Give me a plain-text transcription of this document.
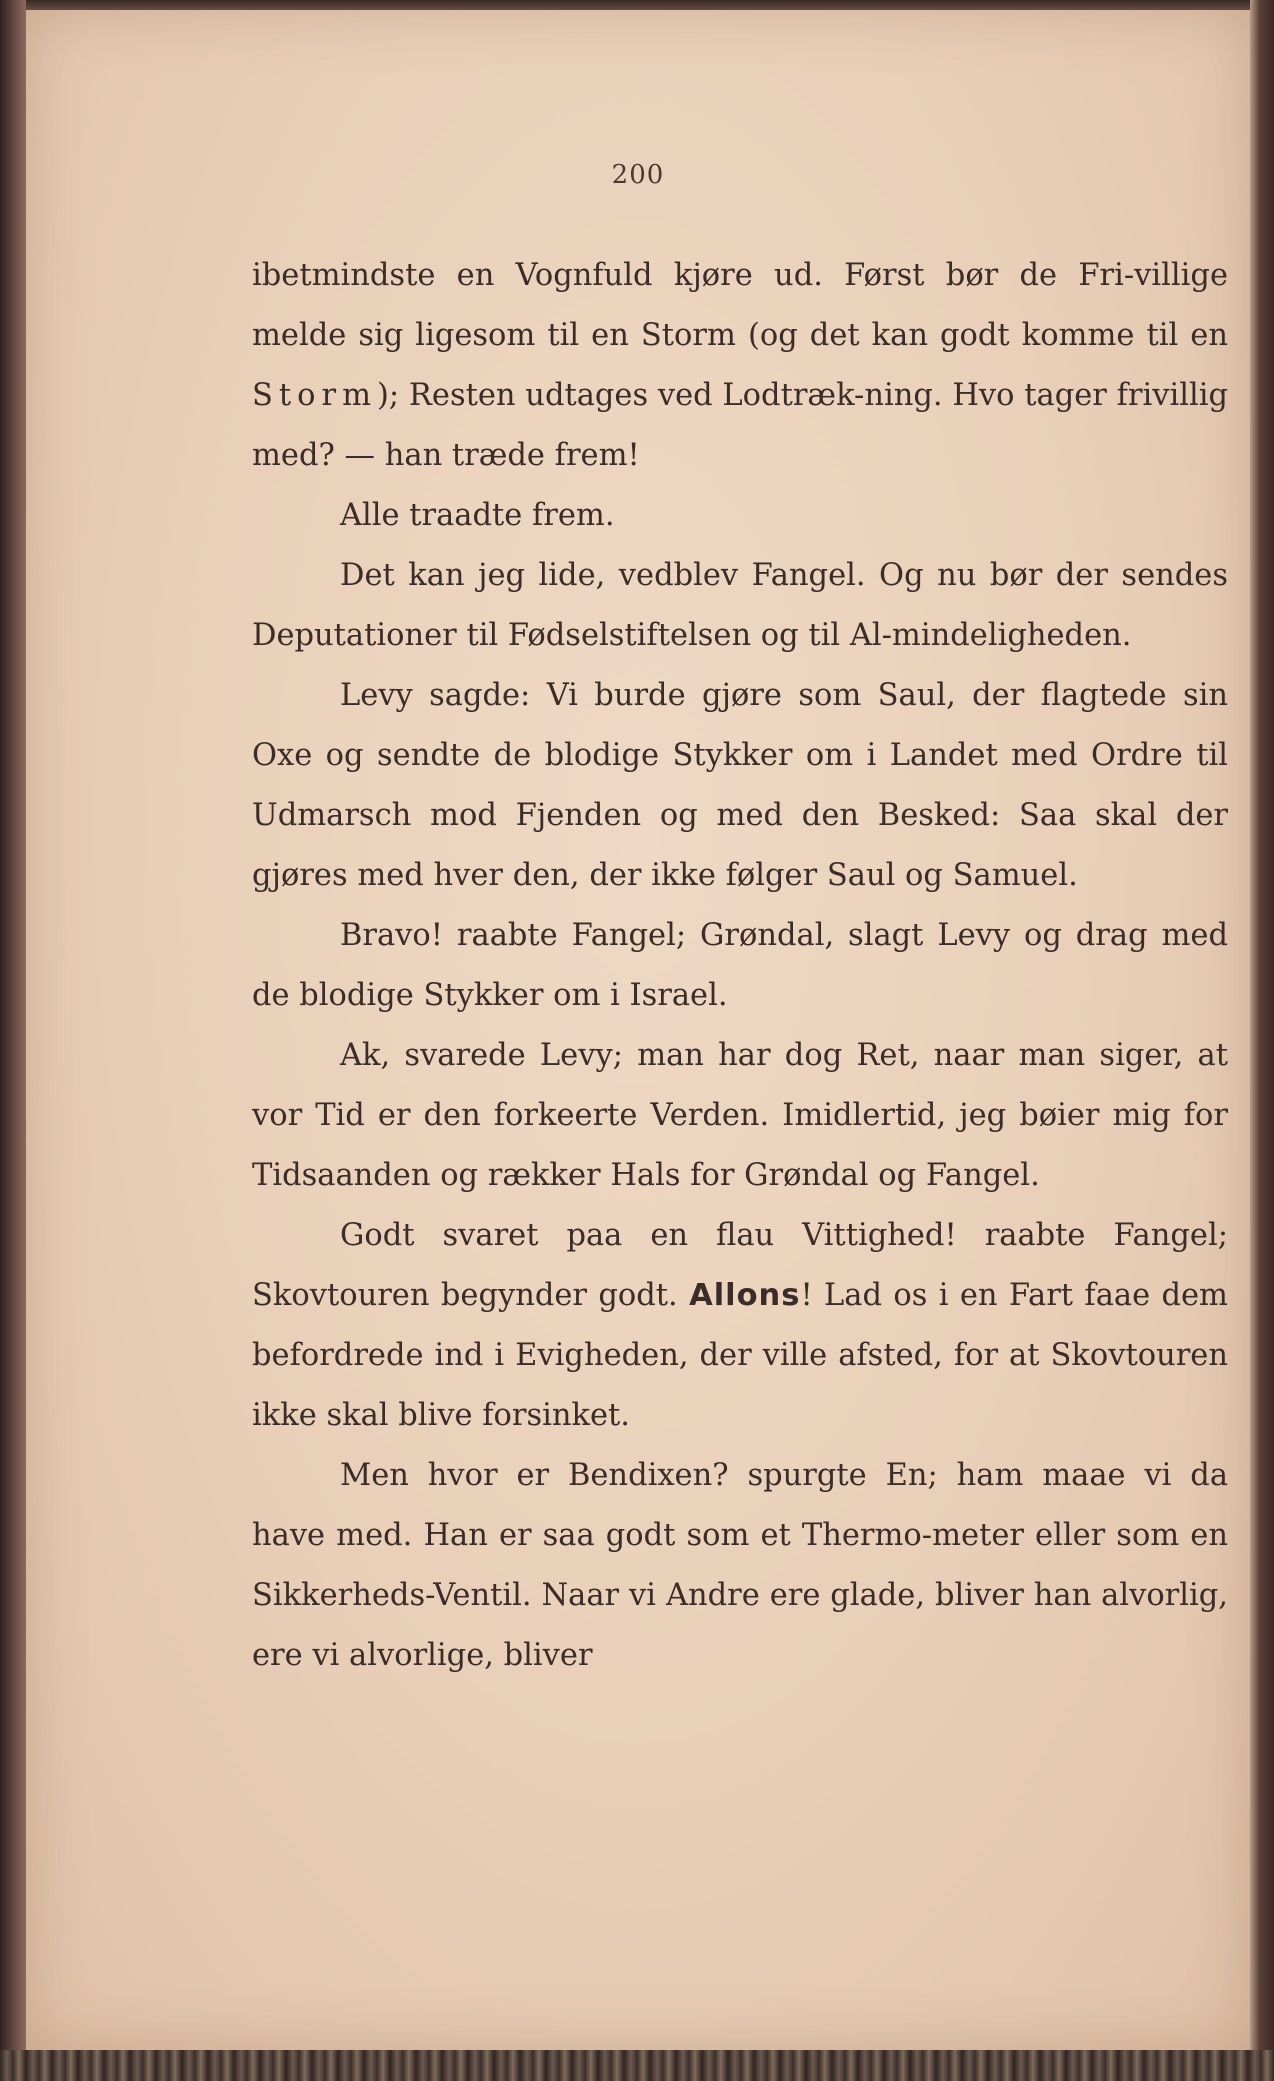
200

ibetmindste en Vognfuld kjøre ud. Først bør de Fri-villige melde sig ligesom til en Storm (og det kan godt komme til en Storm); Resten udtages ved Lodtræk-ning. Hvo tager frivillig med? — han træde frem!

Alle traadte frem.

Det kan jeg lide, vedblev Fangel. Og nu bør der sendes Deputationer til Fødselstiftelsen og til Al-mindeligheden.

Levy sagde: Vi burde gjøre som Saul, der flagtede sin Oxe og sendte de blodige Stykker om i Landet med Ordre til Udmarsch mod Fjenden og med den Besked: Saa skal der gjøres med hver den, der ikke følger Saul og Samuel.

Bravo! raabte Fangel; Grøndal, slagt Levy og drag med de blodige Stykker om i Israel.

Ak, svarede Levy; man har dog Ret, naar man siger, at vor Tid er den forkeerte Verden. Imidlertid, jeg bøier mig for Tidsaanden og rækker Hals for Grøndal og Fangel.

Godt svaret paa en flau Vittighed! raabte Fangel; Skovtouren begynder godt. Allons! Lad os i en Fart faae dem befordrede ind i Evigheden, der ville afsted, for at Skovtouren ikke skal blive forsinket.

Men hvor er Bendixen? spurgte En; ham maae vi da have med. Han er saa godt som et Thermo-meter eller som en Sikkerheds-Ventil. Naar vi Andre ere glade, bliver han alvorlig, ere vi alvorlige, bliver
